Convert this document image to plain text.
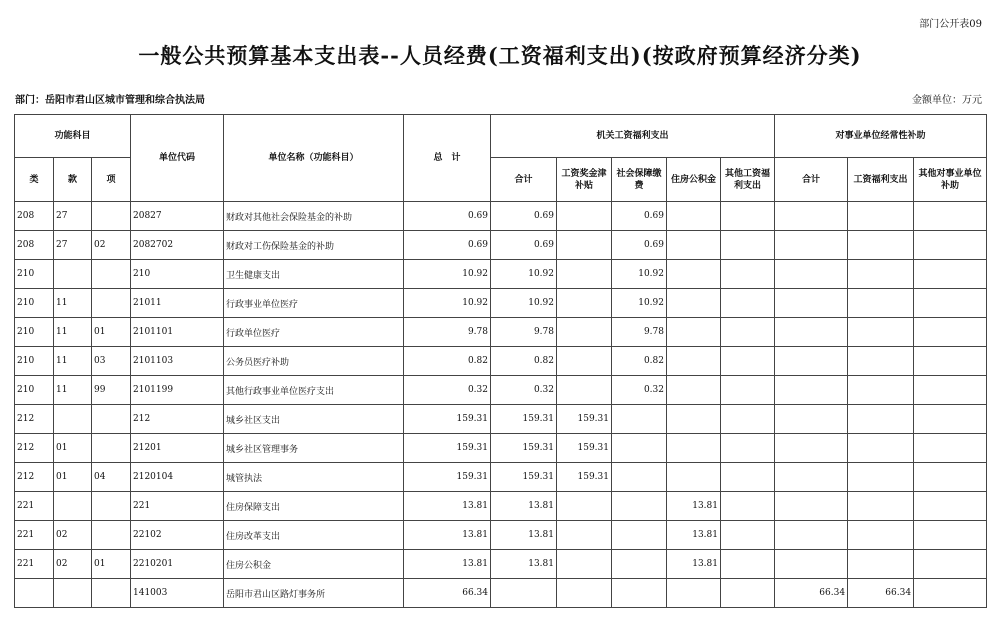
部门公开表09
一般公共预算基本支出表--人员经费(工资福利支出)(按政府预算经济分类)
部门：岳阳市君山区城市管理和综合执法局	金额单位：万元
功能科目			单位代码	单位名称（功能科目）	总　计	机关工资福利支出					对事业单位经常性补助		
类	款	项				合计	工资奖金津补贴	社会保障缴费	住房公积金	其他工资福利支出	合计	工资福利支出	其他对事业单位补助
208	27		20827	财政对其他社会保险基金的补助	0.69	0.69		0.69					
208	27	02	2082702	财政对工伤保险基金的补助	0.69	0.69		0.69					
210			210	卫生健康支出	10.92	10.92		10.92					
210	11		21011	行政事业单位医疗	10.92	10.92		10.92					
210	11	01	2101101	行政单位医疗	9.78	9.78		9.78					
210	11	03	2101103	公务员医疗补助	0.82	0.82		0.82					
210	11	99	2101199	其他行政事业单位医疗支出	0.32	0.32		0.32					
212			212	城乡社区支出	159.31	159.31	159.31						
212	01		21201	城乡社区管理事务	159.31	159.31	159.31						
212	01	04	2120104	城管执法	159.31	159.31	159.31						
221			221	住房保障支出	13.81	13.81			13.81				
221	02		22102	住房改革支出	13.81	13.81			13.81				
221	02	01	2210201	住房公积金	13.81	13.81			13.81				
			141003	岳阳市君山区路灯事务所	66.34						66.34	66.34	
